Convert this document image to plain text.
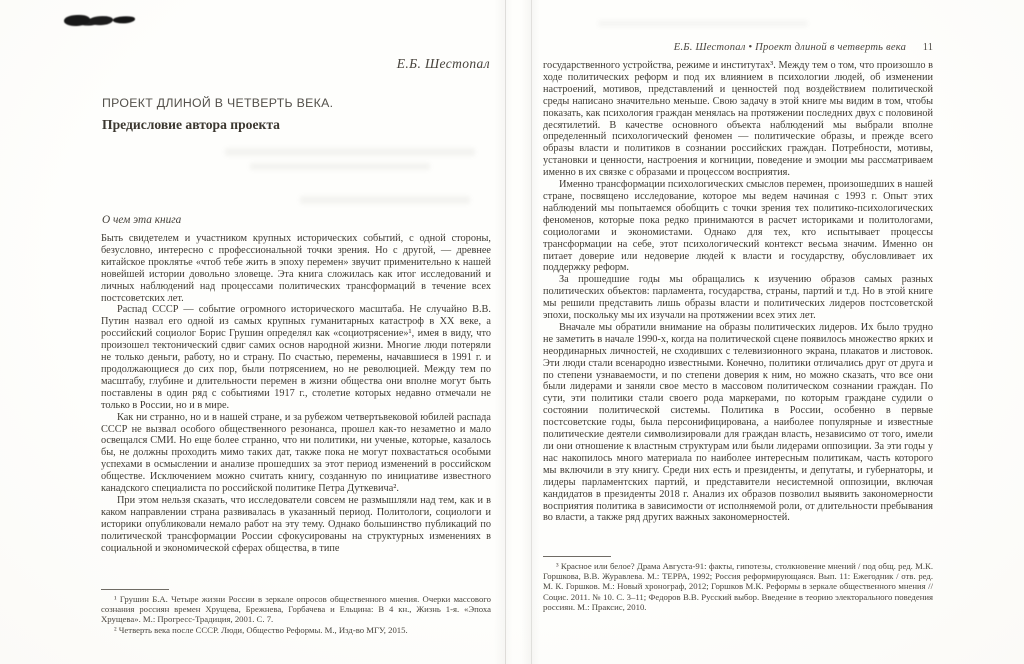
Е.Б. Шестопал
ПРОЕКТ ДЛИНОЙ В ЧЕТВЕРТЬ ВЕКА.
Предисловие автора проекта
О чем эта книга

Быть свидетелем и участником крупных исторических событий, с одной стороны, безусловно, интересно с профессиональной точки зрения. Но с другой, — древнее китайское проклятье «чтоб тебе жить в эпоху перемен» звучит применительно к нашей новейшей истории довольно зловеще. Эта книга сложилась как итог исследований и личных наблюдений над процессами политических трансформаций в течение всех постсоветских лет.

Распад СССР — событие огромного исторического масштаба. Не случайно В.В. Путин назвал его одной из самых крупных гуманитарных катастроф в XX веке, а российский социолог Борис Грушин определял как «социотрясение»¹, имея в виду, что произошел тектонический сдвиг самих основ народной жизни. Многие люди потеряли не только деньги, работу, но и страну. По счастью, перемены, начавшиеся в 1991 г. и продолжающиеся до сих пор, были потрясением, но не революцией. Между тем по масштабу, глубине и длительности перемен в жизни общества они вполне могут быть поставлены в один ряд с событиями 1917 г., столетие которых недавно отмечали не только в России, но и в мире.

Как ни странно, но и в нашей стране, и за рубежом четвертьвековой юбилей распада СССР не вызвал особого общественного резонанса, прошел как-то незаметно и мало освещался СМИ. Но еще более странно, что ни политики, ни ученые, которые, казалось бы, не должны проходить мимо таких дат, также пока не могут похвастаться особыми успехами в осмыслении и анализе прошедших за этот период изменений в российском обществе. Исключением можно считать книгу, созданную по инициативе известного канадского специалиста по российской политике Петра Дуткевича².

При этом нельзя сказать, что исследователи совсем не размышляли над тем, как и в каком направлении страна развивалась в указанный период. Политологи, социологи и историки опубликовали немало работ на эту тему. Однако большинство публикаций по политической трансформации России сфокусированы на структурных изменениях в социальной и экономической сферах общества, в типе

¹ Грушин Б.А. Четыре жизни России в зеркале опросов общественного мнения. Очерки массового сознания россиян времен Хрущева, Брежнева, Горбачева и Ельцина: В 4 кн., Жизнь 1-я. «Эпоха Хрущева». М.: Прогресс-Традиция, 2001. С. 7.

² Четверть века после СССР. Люди, Общество Реформы. М., Изд-во МГУ, 2015.

Е.Б. Шестопал • Проект длиной в четверть века 11

государственного устройства, режиме и институтах³. Между тем о том, что произошло в ходе политических реформ и под их влиянием в психологии людей, об изменении настроений, мотивов, представлений и ценностей под воздействием политической среды написано значительно меньше. Свою задачу в этой книге мы видим в том, чтобы показать, как психология граждан менялась на протяжении последних двух с половиной десятилетий. В качестве основного объекта наблюдений мы выбрали вполне определенный психологический феномен — политические образы, и прежде всего образы власти и политиков в сознании российских граждан. Потребности, мотивы, установки и ценности, настроения и когниции, поведение и эмоции мы рассматриваем именно в их связке с образами и процессом восприятия.

Именно трансформации психологических смыслов перемен, произошедших в нашей стране, посвящено исследование, которое мы ведем начиная с 1993 г. Опыт этих наблюдений мы попытаемся обобщить с точки зрения тех политико-психологических феноменов, которые пока редко принимаются в расчет историками и политологами, социологами и экономистами. Однако для тех, кто испытывает процессы трансформации на себе, этот психологический контекст весьма значим. Именно он питает доверие или недоверие людей к власти и государству, обусловливает их поддержку реформ.

За прошедшие годы мы обращались к изучению образов самых разных политических объектов: парламента, государства, страны, партий и т.д. Но в этой книге мы решили представить лишь образы власти и политических лидеров постсоветской эпохи, поскольку мы их изучали на протяжении всех этих лет.

Вначале мы обратили внимание на образы политических лидеров. Их было трудно не заметить в начале 1990-х, когда на политической сцене появилось множество ярких и неординарных личностей, не сходивших с телевизионного экрана, плакатов и листовок. Эти люди стали всенародно известными. Конечно, политики отличались друг от друга и по степени узнаваемости, и по степени доверия к ним, но можно сказать, что все они были лидерами и заняли свое место в массовом политическом сознании граждан. По сути, эти политики стали своего рода маркерами, по которым граждане судили о состоянии политической системы. Политика в России, особенно в первые постсоветские годы, была персонифицирована, а наиболее популярные и известные политические деятели символизировали для граждан власть, независимо от того, имели ли они отношение к властным структурам или были лидерами оппозиции. За эти годы у нас накопилось много материала по наиболее интересным политикам, часть которого мы включили в эту книгу. Среди них есть и президенты, и депутаты, и губернаторы, и лидеры парламентских партий, и представители несистемной оппозиции, включая кандидатов в президенты 2018 г. Анализ их образов позволил выявить закономерности восприятия политика в зависимости от исполняемой роли, от длительности пребывания во власти, а также ряд других важных закономерностей.

³ Красное или белое? Драма Августа-91: факты, гипотезы, столкновение мнений / под общ. ред. М.К. Горшкова, В.В. Журавлева. М.: ТЕРРА, 1992; Россия реформирующаяся. Вып. 11: Ежегодник / отв. ред. М. К. Горшков. М.: Новый хронограф, 2012; Горшков М.К. Реформы в зеркале общественного мнения // Социс. 2011. № 10. С. 3–11; Федоров В.В. Русский выбор. Введение в теорию электорального поведения россиян. М.: Праксис, 2010.
